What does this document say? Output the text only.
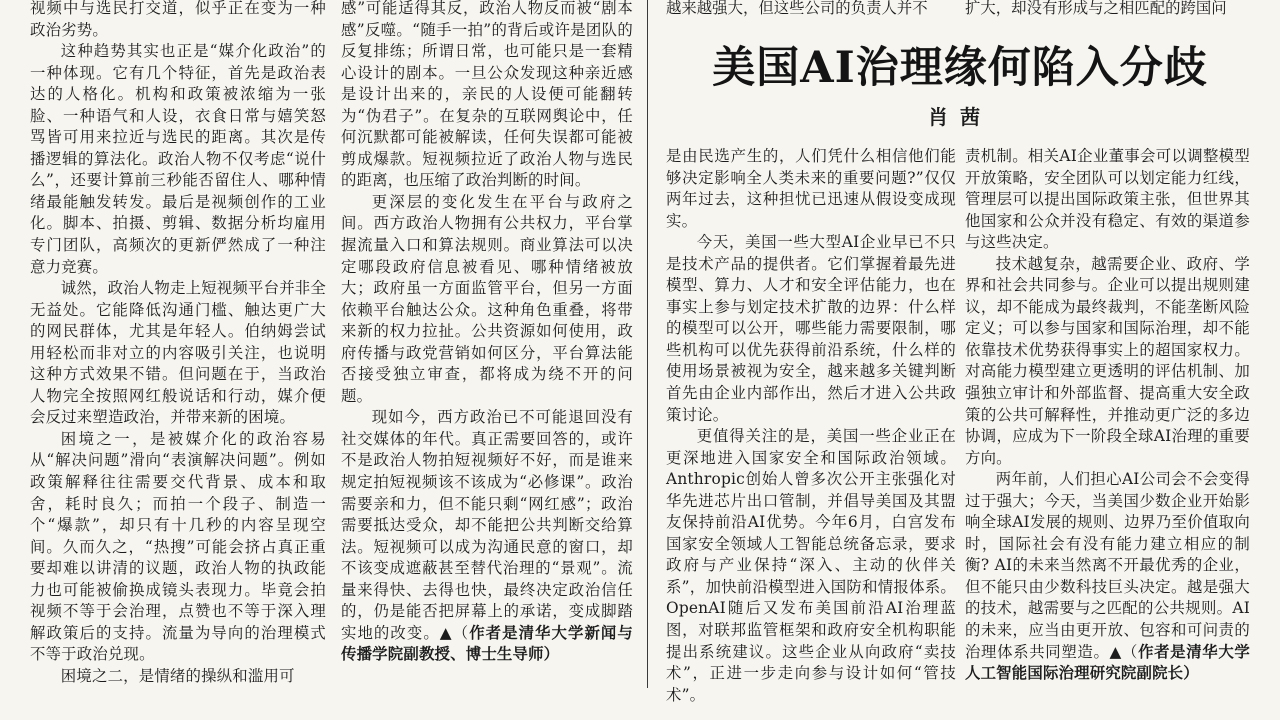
视频中与选民打交道，似乎正在变为一种政治劣势。

这种趋势其实也正是“媒介化政治”的一种体现。它有几个特征，首先是政治表达的人格化。机构和政策被浓缩为一张脸、一种语气和人设，衣食日常与嬉笑怒骂皆可用来拉近与选民的距离。其次是传播逻辑的算法化。政治人物不仅考虑“说什么”，还要计算前三秒能否留住人、哪种情绪最能触发转发。最后是视频创作的工业化。脚本、拍摄、剪辑、数据分析均雇用专门团队，高频次的更新俨然成了一种注意力竞赛。

诚然，政治人物走上短视频平台并非全无益处。它能降低沟通门槛、触达更广大的网民群体，尤其是年轻人。伯纳姆尝试用轻松而非对立的内容吸引关注，也说明这种方式效果不错。但问题在于，当政治人物完全按照网红般说话和行动，媒介便会反过来塑造政治，并带来新的困境。

困境之一，是被媒介化的政治容易从“解决问题”滑向“表演解决问题”。例如政策解释往往需要交代背景、成本和取舍，耗时良久；而拍一个段子、制造一个“爆款”，却只有十几秒的内容呈现空间。久而久之，“热搜”可能会挤占真正重要却难以讲清的议题，政治人物的执政能力也可能被偷换成镜头表现力。毕竟会拍视频不等于会治理，点赞也不等于深入理解政策后的支持。流量为导向的治理模式不等于政治兑现。

困境之二，是情绪的操纵和滥用可

感”可能适得其反，政治人物反而被“剧本感”反噬。“随手一拍”的背后或许是团队的反复排练；所谓日常，也可能只是一套精心设计的剧本。一旦公众发现这种亲近感是设计出来的，亲民的人设便可能翻转为“伪君子”。在复杂的互联网舆论中，任何沉默都可能被解读，任何失误都可能被剪成爆款。短视频拉近了政治人物与选民的距离，也压缩了政治判断的时间。

更深层的变化发生在平台与政府之间。西方政治人物拥有公共权力，平台掌握流量入口和算法规则。商业算法可以决定哪段政府信息被看见、哪种情绪被放大；政府虽一方面监管平台，但另一方面依赖平台触达公众。这种角色重叠，将带来新的权力拉扯。公共资源如何使用，政府传播与政党营销如何区分，平台算法能否接受独立审查，都将成为绕不开的问题。

现如今，西方政治已不可能退回没有社交媒体的年代。真正需要回答的，或许不是政治人物拍短视频好不好，而是谁来规定拍短视频该不该成为“必修课”。政治需要亲和力，但不能只剩“网红感”；政治需要抵达受众，却不能把公共判断交给算法。短视频可以成为沟通民意的窗口，却不该变成遮蔽甚至替代治理的“景观”。流量来得快、去得也快，最终决定政治信任的，仍是能否把屏幕上的承诺，变成脚踏实地的改变。▲（作者是清华大学新闻与传播学院副教授、博士生导师）

越来越强大，但这些公司的负责人并不	扩大，却没有形成与之相匹配的跨国问
美国AI治理缘何陷入分歧
肖茜

是由民选产生的，人们凭什么相信他们能够决定影响全人类未来的重要问题?”仅仅两年过去，这种担忧已迅速从假设变成现实。

今天，美国一些大型AI企业早已不只是技术产品的提供者。它们掌握着最先进模型、算力、人才和安全评估能力，也在事实上参与划定技术扩散的边界：什么样的模型可以公开，哪些能力需要限制，哪些机构可以优先获得前沿系统，什么样的使用场景被视为安全，越来越多关键判断首先由企业内部作出，然后才进入公共政策讨论。

更值得关注的是，美国一些企业正在更深地进入国家安全和国际政治领域。Anthropic创始人曾多次公开主张强化对华先进芯片出口管制，并倡导美国及其盟友保持前沿AI优势。今年6月，白宫发布国家安全领域人工智能总统备忘录，要求政府与产业保持“深入、主动的伙伴关系”，加快前沿模型进入国防和情报体系。OpenAI随后又发布美国前沿AI治理蓝图，对联邦监管框架和政府安全机构职能提出系统建议。这些企业从向政府“卖技术”，正进一步走向参与设计如何“管技术”。

责机制。相关AI企业董事会可以调整模型开放策略，安全团队可以划定能力红线，管理层可以提出国际政策主张，但世界其他国家和公众并没有稳定、有效的渠道参与这些决定。

技术越复杂，越需要企业、政府、学界和社会共同参与。企业可以提出规则建议，却不能成为最终裁判，不能垄断风险定义；可以参与国家和国际治理，却不能依靠技术优势获得事实上的超国家权力。对高能力模型建立更透明的评估机制、加强独立审计和外部监督、提高重大安全政策的公共可解释性，并推动更广泛的多边协调，应成为下一阶段全球AI治理的重要方向。

两年前，人们担心AI公司会不会变得过于强大；今天，当美国少数企业开始影响全球AI发展的规则、边界乃至价值取向时，国际社会有没有能力建立相应的制衡? AI的未来当然离不开最优秀的企业，但不能只由少数科技巨头决定。越是强大的技术，越需要与之匹配的公共规则。AI的未来，应当由更开放、包容和可问责的治理体系共同塑造。▲（作者是清华大学人工智能国际治理研究院副院长）
